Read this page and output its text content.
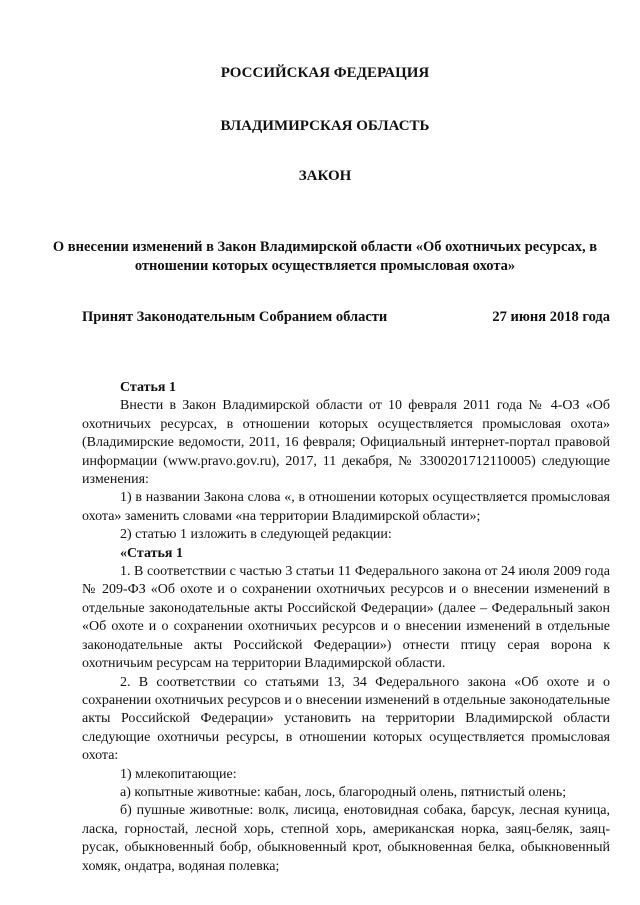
РОССИЙСКАЯ ФЕДЕРАЦИЯ
ВЛАДИМИРСКАЯ ОБЛАСТЬ
ЗАКОН
О внесении изменений в Закон Владимирской области «Об охотничьих ресурсах, в отношении которых осуществляется промысловая охота»
Принят Законодательным Собранием области	27 июня 2018 года

Статья 1

Внести в Закон Владимирской области от 10 февраля 2011 года № 4-ОЗ «Об охотничьих ресурсах, в отношении которых осуществляется промысловая охота» (Владимирские ведомости, 2011, 16 февраля; Официальный интернет-портал правовой информации (www.pravo.gov.ru), 2017, 11 декабря, № 3300201712110005) следующие изменения:

1) в названии Закона слова «, в отношении которых осуществляется промысловая охота» заменить словами «на территории Владимирской области»;

2) статью 1 изложить в следующей редакции:

«Статья 1

1. В соответствии с частью 3 статьи 11 Федерального закона от 24 июля 2009 года № 209-ФЗ «Об охоте и о сохранении охотничьих ресурсов и о внесении изменений в отдельные законодательные акты Российской Федерации» (далее – Федеральный закон «Об охоте и о сохранении охотничьих ресурсов и о внесении изменений в отдельные законодательные акты Российской Федерации») отнести птицу серая ворона к охотничьим ресурсам на территории Владимирской области.

2. В соответствии со статьями 13, 34 Федерального закона «Об охоте и о сохранении охотничьих ресурсов и о внесении изменений в отдельные законодательные акты Российской Федерации» установить на территории Владимирской области следующие охотничьи ресурсы, в отношении которых осуществляется промысловая охота:

1) млекопитающие:

а) копытные животные: кабан, лось, благородный олень, пятнистый олень;

б) пушные животные: волк, лисица, енотовидная собака, барсук, лесная куница, ласка, горностай, лесной хорь, степной хорь, американская норка, заяц-беляк, заяц-русак, обыкновенный бобр, обыкновенный крот, обыкновенная белка, обыкновенный хомяк, ондатра, водяная полевка;
